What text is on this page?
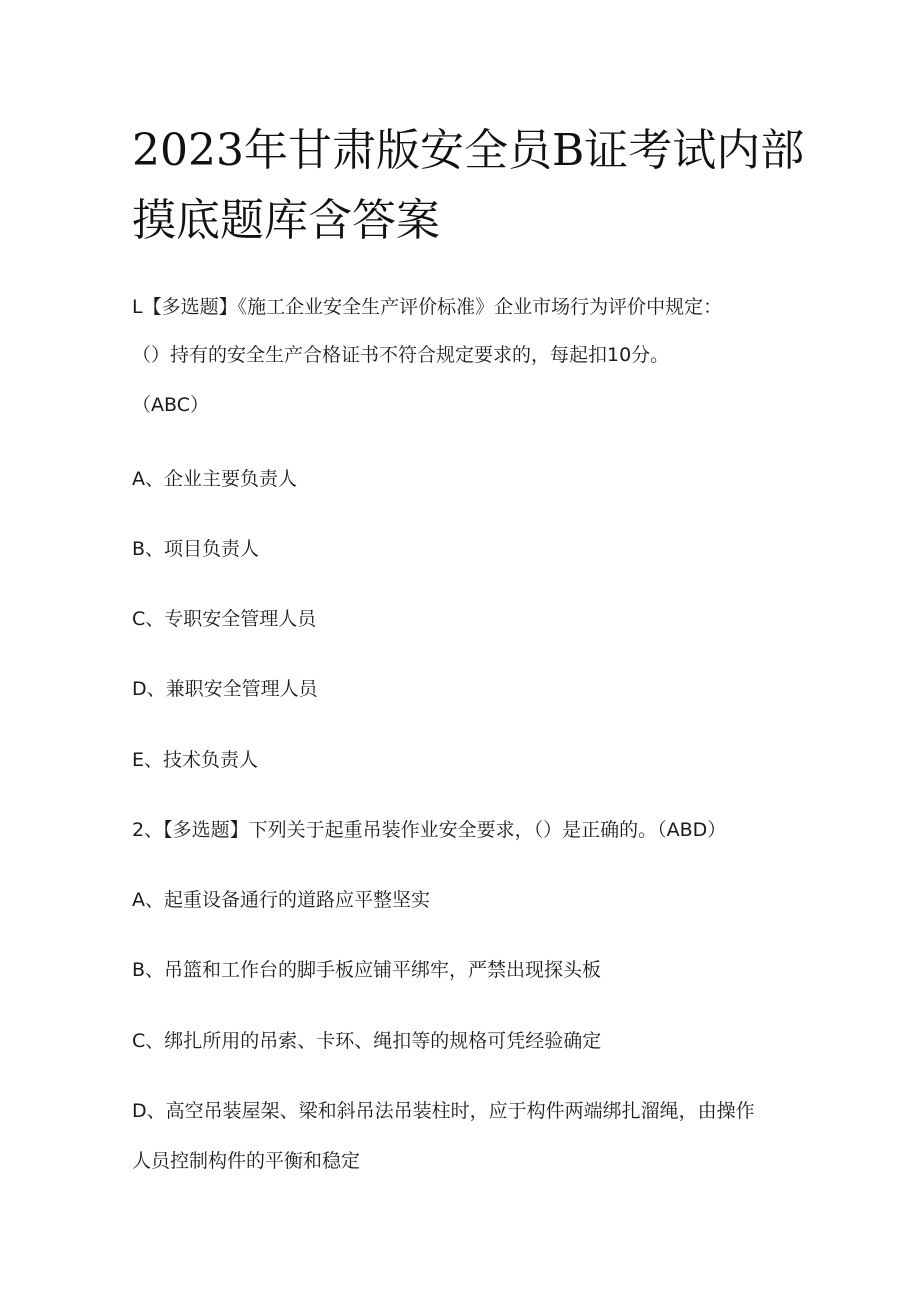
2023年甘肃版安全员B证考试内部
摸底题库含答案
L【多选题】《施工企业安全生产评价标准》企业市场行为评价中规定：
（）持有的安全生产合格证书不符合规定要求的，每起扣10分。
（ABC）
A、企业主要负责人
B、项目负责人
C、专职安全管理人员
D、兼职安全管理人员
E、技术负责人
2、【多选题】下列关于起重吊装作业安全要求，（）是正确的。（ABD）
A、起重设备通行的道路应平整坚实
B、吊篮和工作台的脚手板应铺平绑牢，严禁出现探头板
C、绑扎所用的吊索、卡环、绳扣等的规格可凭经验确定
D、高空吊装屋架、梁和斜吊法吊装柱时，应于构件两端绑扎溜绳，由操作
人员控制构件的平衡和稳定
